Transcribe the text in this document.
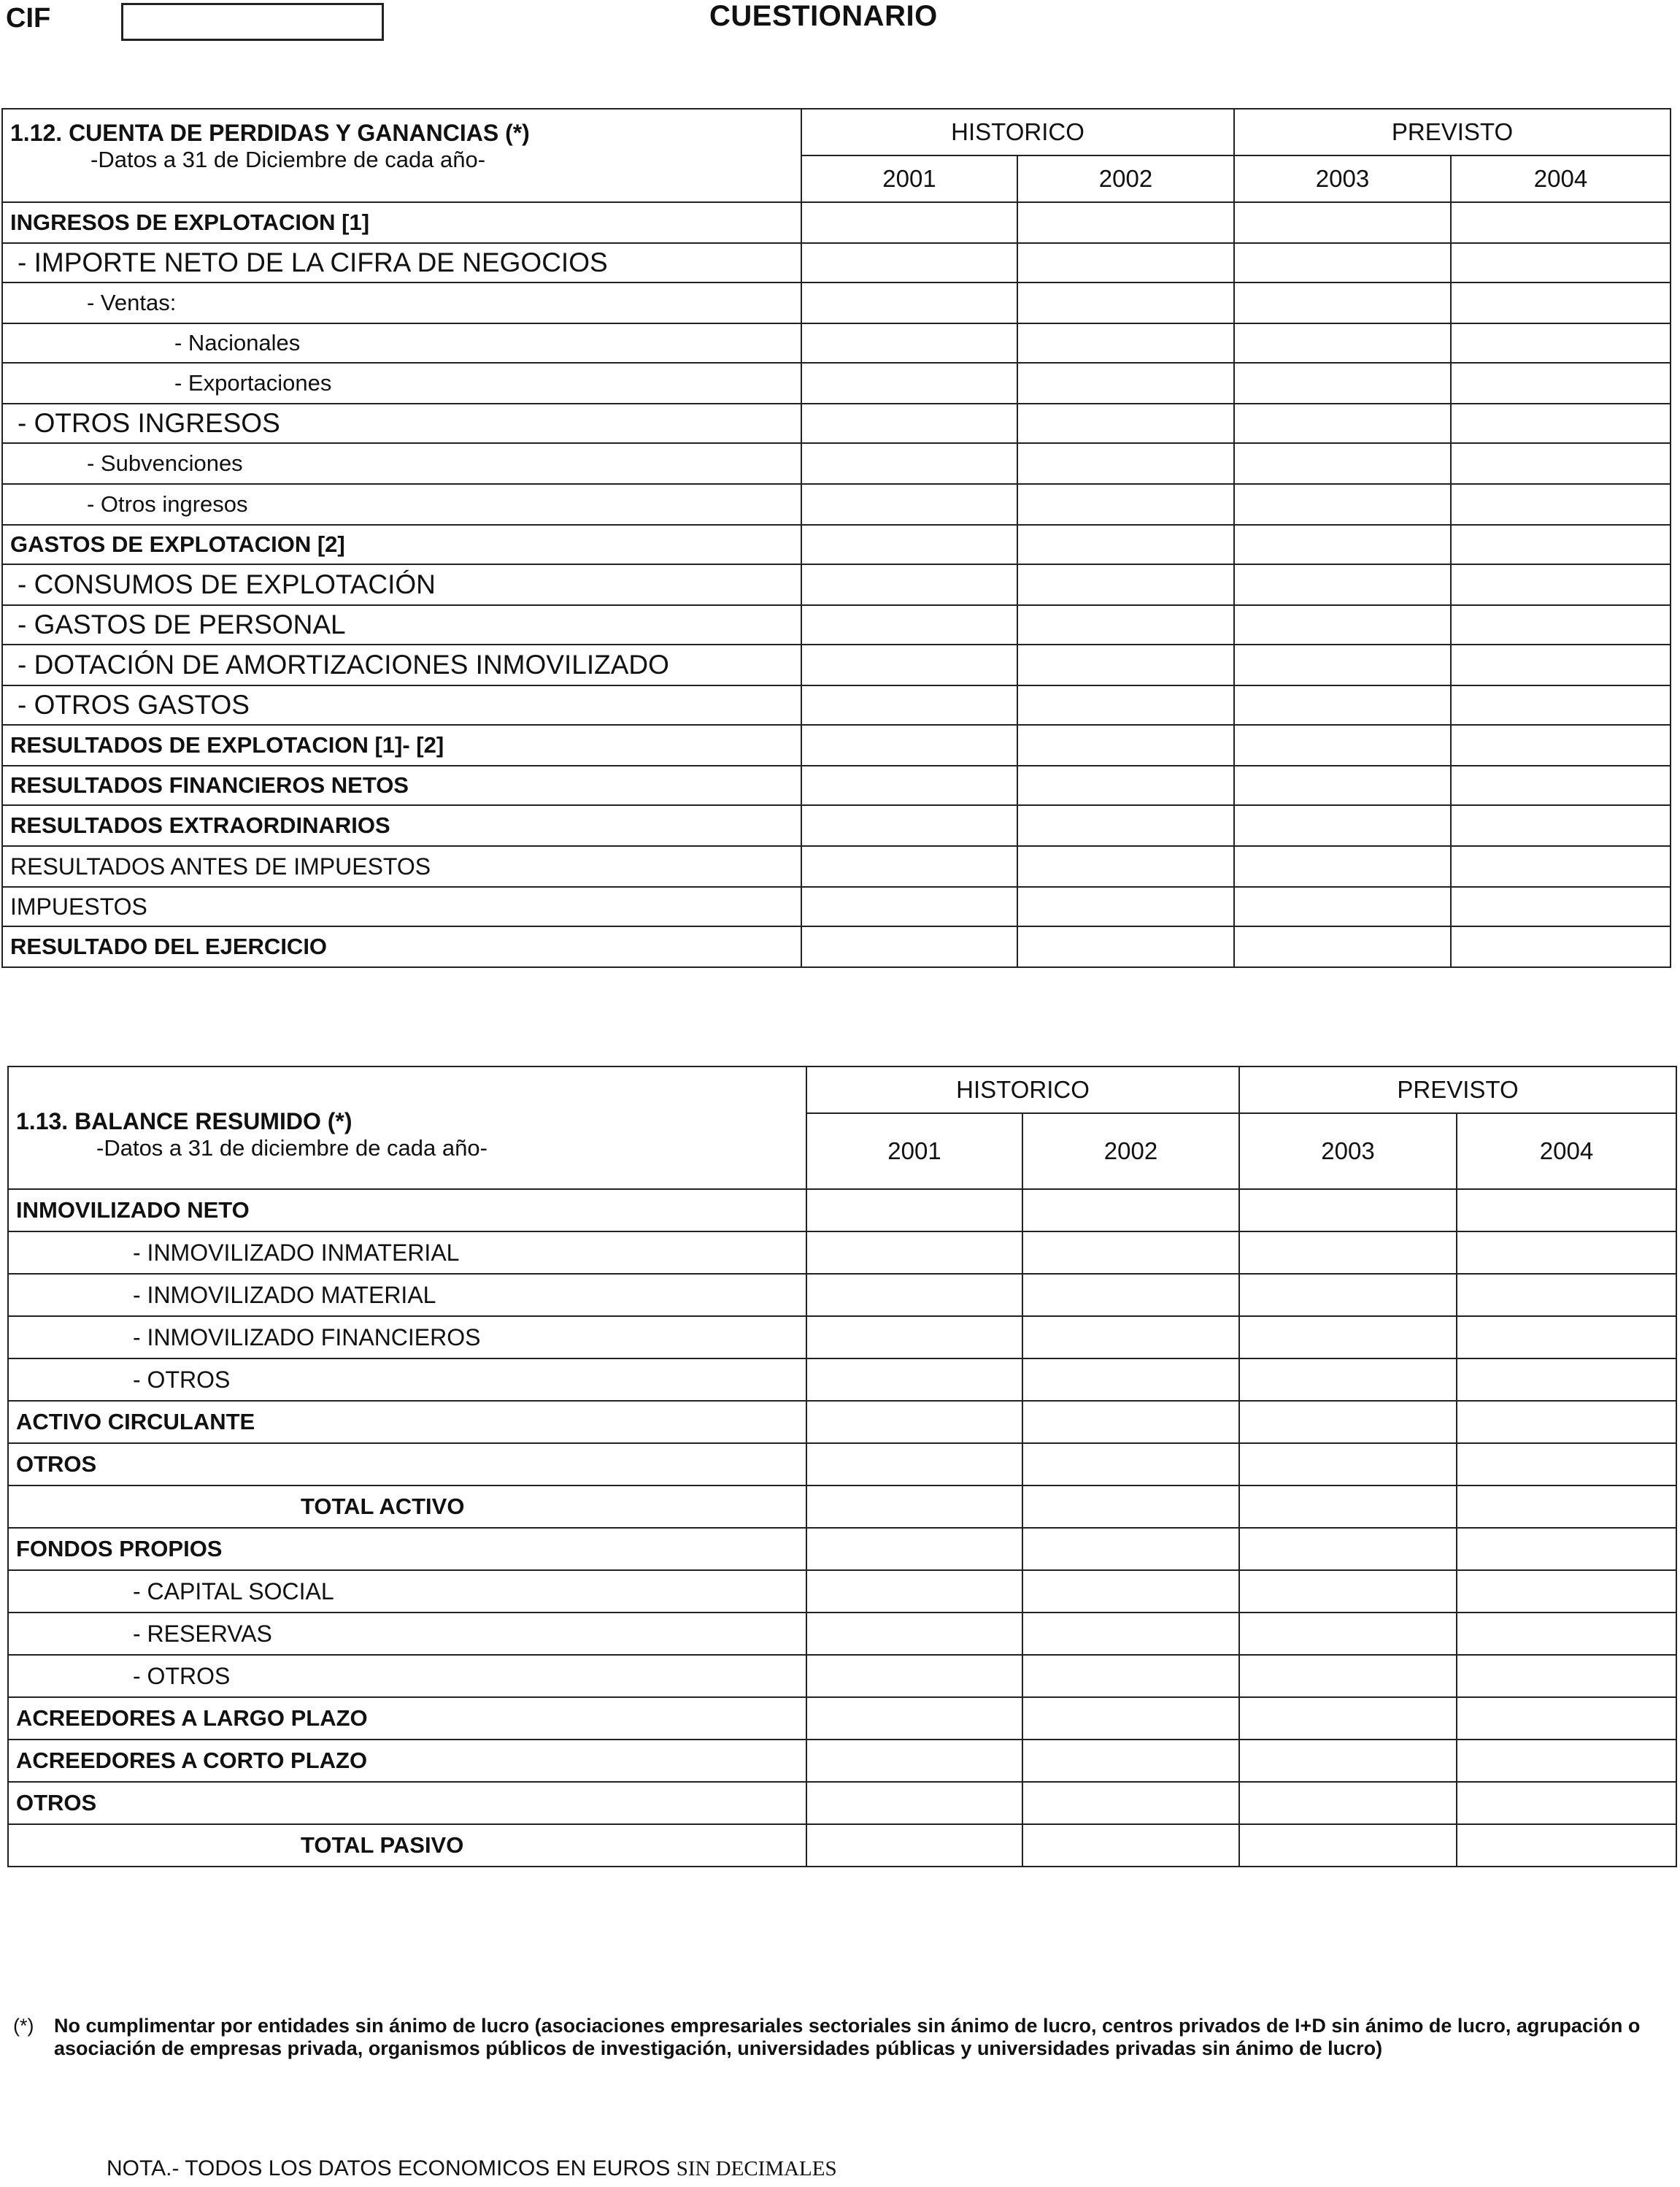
CIF	CUESTIONARIO
1.12. CUENTA DE PERDIDAS Y GANANCIAS (*)
-Datos a 31 de Diciembre de cada año-	HISTORICO		PREVISTO	
	2001	2002	2003	2004
INGRESOS DE EXPLOTACION [1]				
- IMPORTE NETO DE LA CIFRA DE NEGOCIOS				
- Ventas:				
- Nacionales				
- Exportaciones				
- OTROS INGRESOS				
- Subvenciones				
- Otros ingresos				
GASTOS DE EXPLOTACION [2]				
- CONSUMOS DE EXPLOTACIÓN				
- GASTOS DE PERSONAL				
- DOTACIÓN DE AMORTIZACIONES INMOVILIZADO				
- OTROS GASTOS				
RESULTADOS DE EXPLOTACION [1]- [2]				
RESULTADOS FINANCIEROS NETOS				
RESULTADOS EXTRAORDINARIOS				
RESULTADOS ANTES DE IMPUESTOS				
IMPUESTOS				
RESULTADO DEL EJERCICIO				
1.13. BALANCE RESUMIDO (*)
-Datos a 31 de diciembre de cada año-	HISTORICO		PREVISTO	
	2001	2002	2003	2004
INMOVILIZADO NETO				
- INMOVILIZADO INMATERIAL				
- INMOVILIZADO MATERIAL				
- INMOVILIZADO FINANCIEROS				
- OTROS				
ACTIVO CIRCULANTE				
OTROS				
TOTAL ACTIVO				
FONDOS PROPIOS				
- CAPITAL SOCIAL				
- RESERVAS				
- OTROS				
ACREEDORES A LARGO PLAZO				
ACREEDORES A CORTO PLAZO				
OTROS				
TOTAL PASIVO				
(*)	No cumplimentar por entidades sin ánimo de lucro (asociaciones empresariales sectoriales sin ánimo de lucro, centros privados de I+D sin ánimo de lucro, agrupación o asociación de empresas privada, organismos públicos de investigación, universidades públicas y universidades privadas sin ánimo de lucro)
NOTA.- TODOS LOS DATOS ECONOMICOS EN EUROS SIN DECIMALES
